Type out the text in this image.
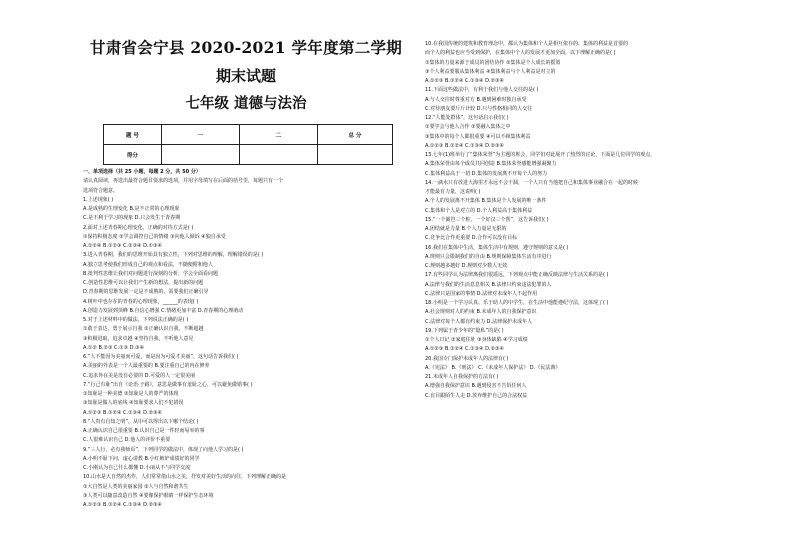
甘肃省会宁县 2020-2021 学年度第二学期
期末试题
七年级 道德与法治
题 号	一	二	总 分
得分			
一、单项选择（共 25 小题，每题 2 分，共 50 分）
请认真阅读，再选出最符合题目要求的选项，并用字母填写在后面的括号里，每题只有一个
选项符合题意。
1.上述现象( )
A.是成熟的生理变化 B.是不正常的心理现象
C.是不利于学习的现象 D.只会发生于青春期
2.面对上述青春期心理变化，正确的对待方式是( )
①保持积极态度 ②学会调控自己的情绪 ③向他人倾诉 ④独自承受
A.①②④ B.①②③ C.②③④ D.①③④
3.进入青春期，我们的思维开始具有独立性，下列对思维的理解，理解错误的是( )
A.独立思考使我们形成自己的观点和看法，不随便附和他人
B.批判性思维让我们对问题进行深刻的分析，学会全面看问题
C.创造性思维可以让我们产生新的想法，提出新的问题
D.青春期的思维发展一定是不成熟的，需要我们正确引导
4.树叶中也存在的青春的心理现象，______的表现( )
A.创造力发展到顶峰 B.自信心增强 C.情绪更加丰富 D.青春期的心理萌动
5.对于上述材料中的做法，下列说法正确的是( )
①敢于表达，勇于展示自我 ②正确认识自我，不断超越
③积极进取，追求卓越 ④坚持自我，不听他人意见
A.①② B.②③ C.①③ D.③④
6.“人不能因为美丽而可爱，而是因为可爱才美丽”，这句话告诉我们( )
A.美丽的外表是一个人最重要的 B.要注重自己的内在修养
C.追求外在美是没有必要的 D.可爱的人一定很美丽
7.“行己有耻”出自《论语·子路》，意思是做事有羞耻之心，可以避免做错事( )
①知耻是一种美德 ②知耻是人的尊严的体现
③知耻是做人的底线 ④知耻要求人们不犯错误
A.①②③ B.①②④ C.①③④ D.②③④
8.“人贵有自知之明”，从中可以得出以下哪个结论( )
A.正确认识自己很重要 B.认识自己是一件轻而易举的事
C.人很难认识自己 D.他人的评价不重要
9.“三人行，必有我师焉”，下列同学的做法中，体现了向他人学习的是( )
A.小明不耻下问，虚心请教 B.小红嫉妒成绩好的同学
C.小刚认为自己什么都懂 D.小丽从不与同学交流
10.山水是大自然的杰作，人们常常借山水之美，抒发对美好生活的向往，下列理解正确的是
①大自然是人类的美丽家园 ②人与自然和谐共生
③人类可以随意改造自然 ④要像保护眼睛一样保护生态环境
A.①②③ B.①②④ C.①③④ D.②③④
10.在我国传统的建筑和教育理念中，都认为集体和个人是相互依存的，集体的利益是首要的
而个人的利益也应当受到保护，在集体中个人的发展才更加全面，以下理解正确的是( )
①集体的力量来源于成员的团结协作 ②集体是个人成长的摇篮
③个人利益要服从集体利益 ④集体利益与个人利益是对立的
A.①②③ B.①②④ C.①③④ D.②③④
11.下面这些做法中，有利于我们与他人交往的是( )
A.与人交往时尊重对方 B.遇到困难时独自承受
C.对待朋友要斤斤计较 D.只与性格相同的人交往
12.“人能处群体”，这句话启示我们( )
①要学会与他人合作 ②要融入集体之中
③集体中的每个人都很重要 ④可以不顾集体利益
A.①②③ B.①②④ C.①③④ D.②③④
13.七年(1)班举行了“集体荣誉”为主题的班会，同学们对此展开了热烈的讨论，下面是几位同学的观点，
A.集体荣誉由每个成员共同创造 B.集体荣誉感能增强凝聚力
C.集体利益高于一切 D.集体的发展离不开每个人的努力
14.一滴水只有放进大海里才永远不会干涸，一个人只有当他把自己和集体事业融合在一起的时候
才能最有力量，这说明( )
A.个人的发展离不开集体 B.集体是个人发展的唯一条件
C.集体和个人是对立的 D.个人利益高于集体利益
15.“一个篱笆三个桩，一个好汉三个帮”，这告诉我们( )
A.团结就是力量 B.个人力量是无限的
C.竞争比合作更重要 D.合作可以没有目标
16.我们在集体中生活，集体生活中有规则，遵守规则的意义是( )
A.规则只会限制我们的自由 B.规则保障集体生活有序进行
C.规则越多越好 D.规则对少数人无效
17.有些同学认为法律离我们很遥远，下列观点中能正确反映法律与生活关系的是( )
A.法律与我们的生活息息相关 B.法律只约束违法犯罪的人
C.法律只是国家的事情 D.法律对未成年人不起作用
18.小明是一个学习认真、乐于助人的中学生，在生活中他能遵纪守法，这体现了( )
A.社会规则对人的约束 B.未成年人的自我保护意识
C.法律对每个人都有约束力 D.法律保护未成年人
19.下列属于青少年的“隐私”的是( )
①个人日记 ②家庭住址 ③身体缺陷 ④学习成绩
A.①②③ B.①②④ C.①③④ D.②③④
20.我国专门保护未成年人的法律有( )
A.《宪法》 B.《刑法》 C.《未成年人保护法》 D.《民法典》
21.未成年人自我保护的方法有( )
A.增强自我保护意识 B.遇到侵害不告诉任何人
C.盲目跟陌生人走 D.放弃维护自己的合法权益
